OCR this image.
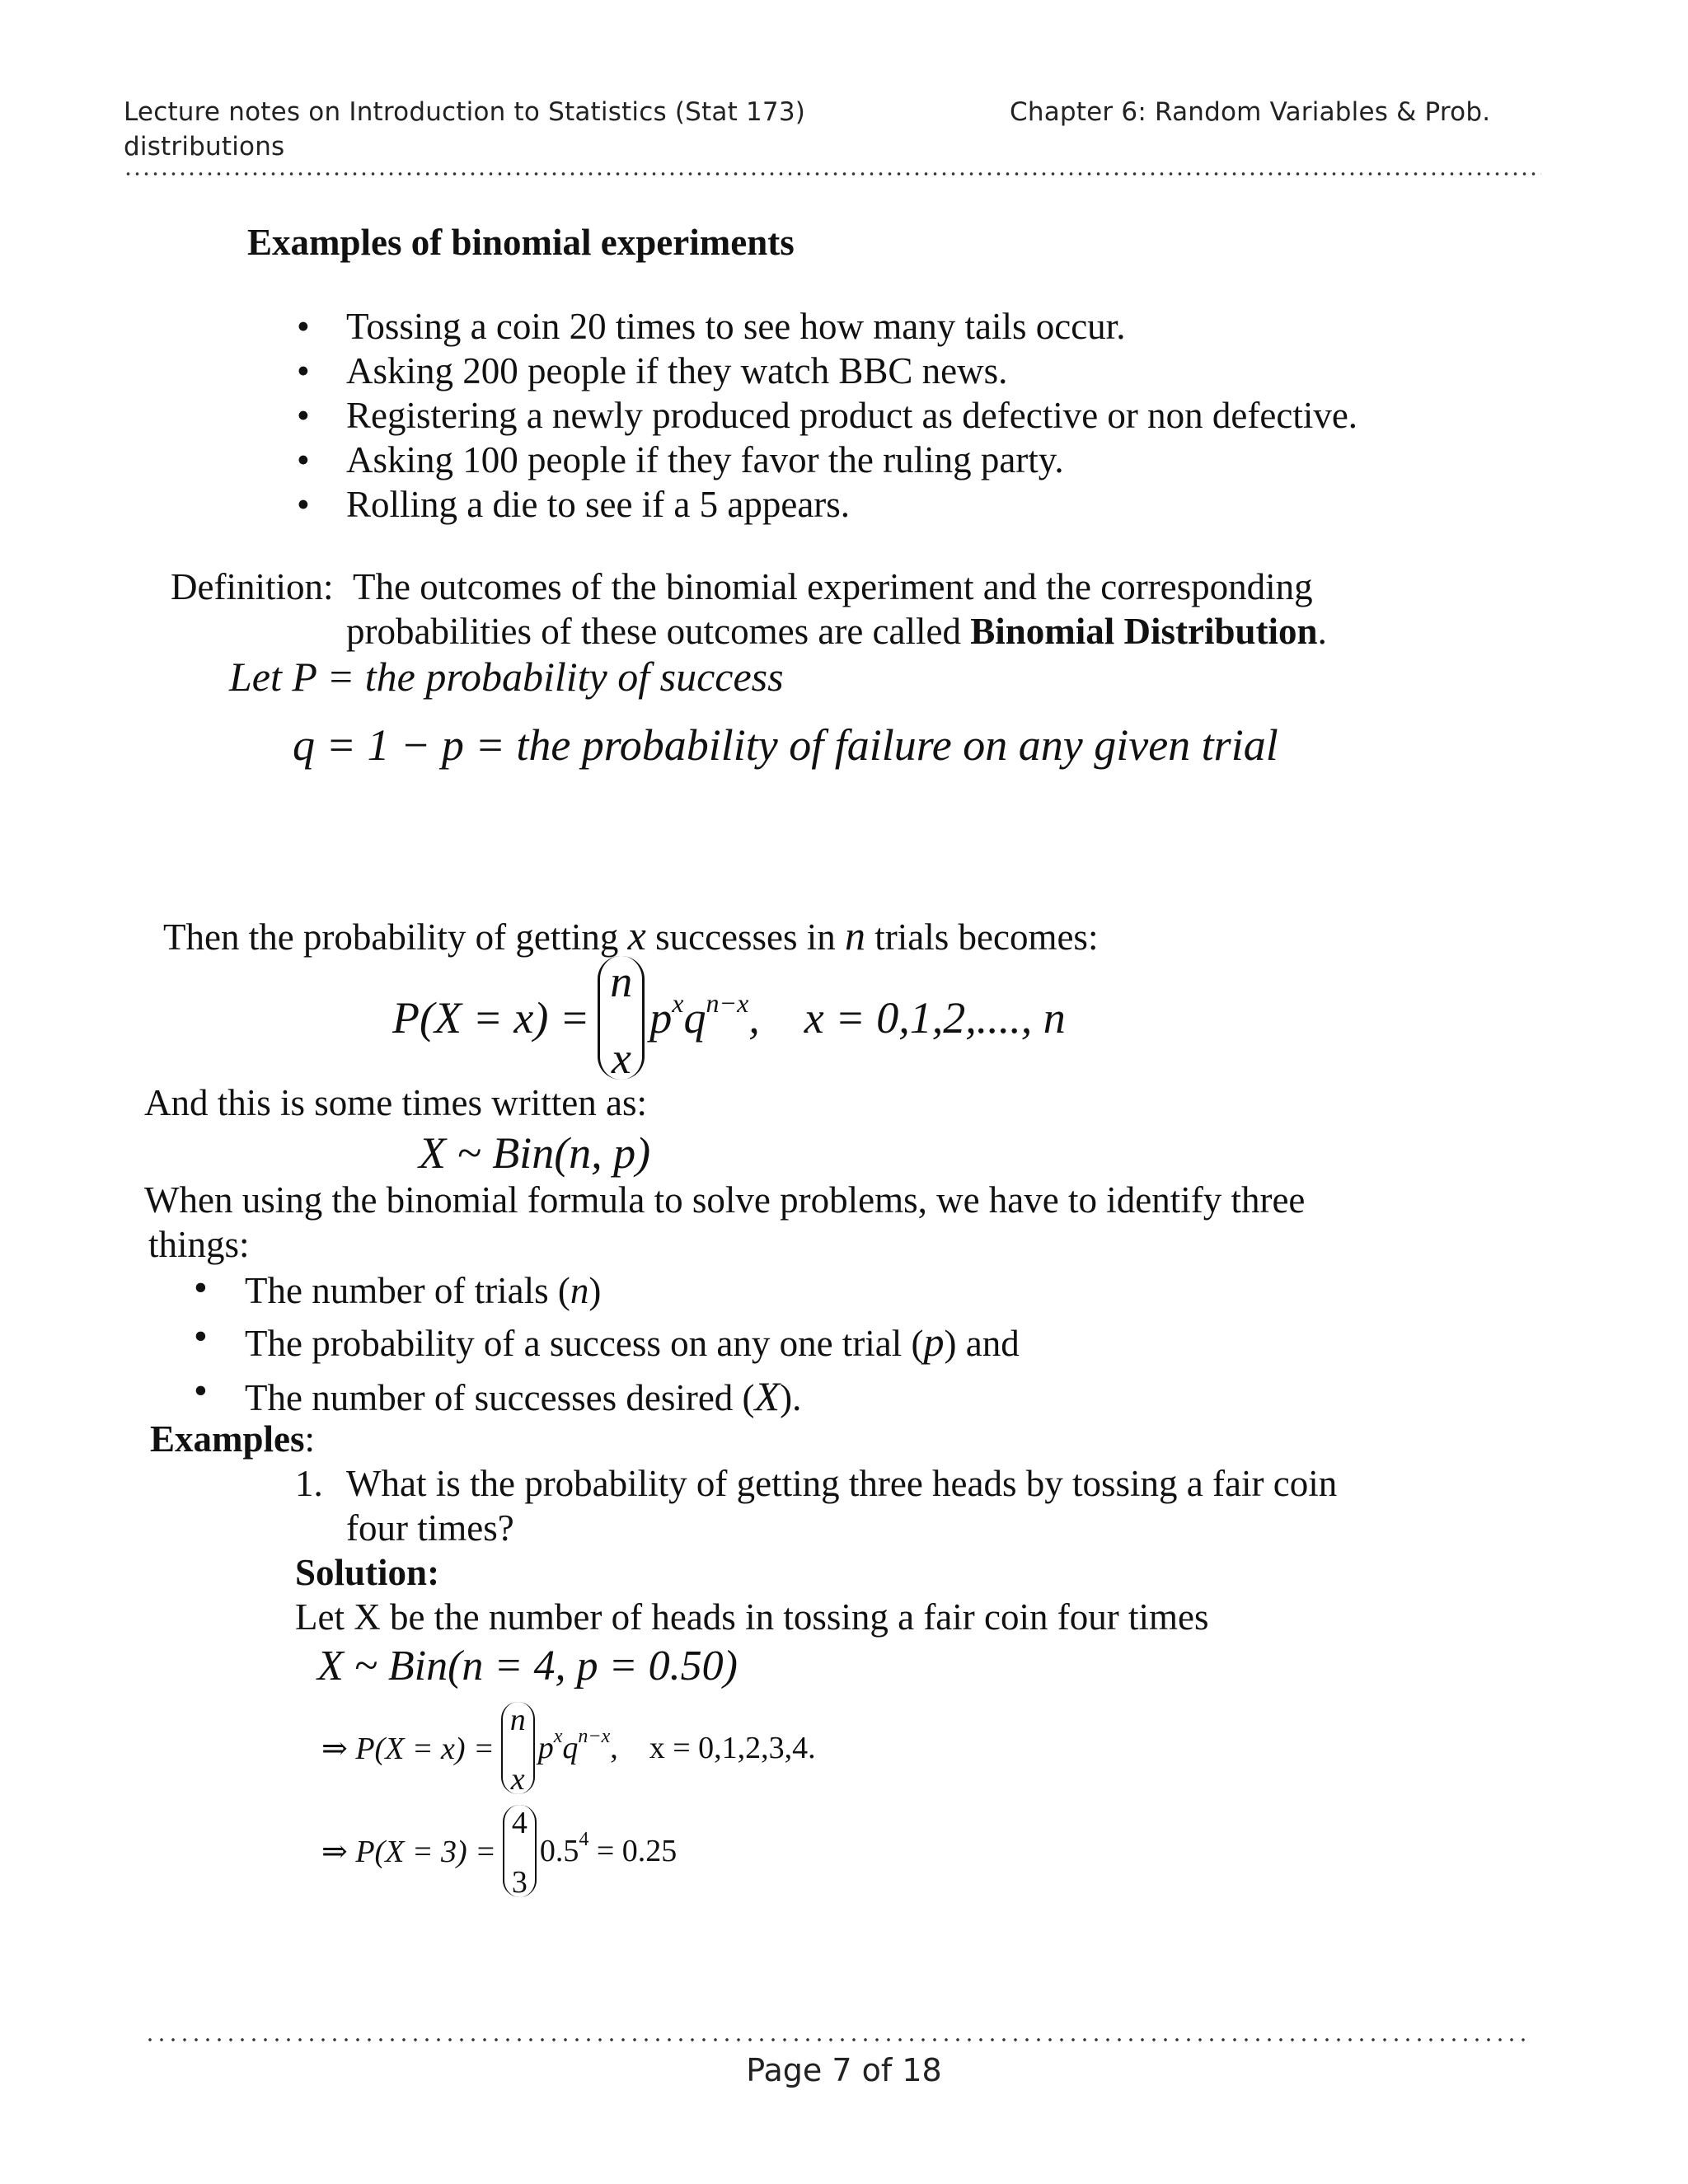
Lecture notes on Introduction to Statistics (Stat 173)
distributions
Chapter 6: Random Variables & Prob.
Examples of binomial experiments
• Tossing a coin 20 times to see how many tails occur.
• Asking 200 people if they watch BBC news.
• Registering a newly produced product as defective or non defective.
• Asking 100 people if they favor the ruling party.
• Rolling a die to see if a 5 appears.
Definition: The outcomes of the binomial experiment and the corresponding
probabilities of these outcomes are called Binomial Distribution.
Let P = the probability of success
q = 1 − p = the probability of failure on any given trial
Then the probability of getting x successes in n trials becomes:
P(X = x) =
n
x
$p^x$ $q^{n-x}$ ,    x = 0,1,2,...., n
And this is some times written as:
X ~ Bin(n, p)
When using the binomial formula to solve problems, we have to identify three
things:
• The number of trials (n)
• The probability of a success on any one trial (p) and
• The number of successes desired (X).
Examples:
1. What is the probability of getting three heads by tossing a fair coin
four times?
Solution:
Let X be the number of heads in tossing a fair coin four times
X ~ Bin(n = 4, p = 0.50)
⇒ P(X = x) =
n
x
$p^x$ $q^{n-x}$ ,    x = 0,1,2,3,4.
⇒ P(X = 3) =
4
3
$0.5^4 = 0.25$
Page 7 of 18
